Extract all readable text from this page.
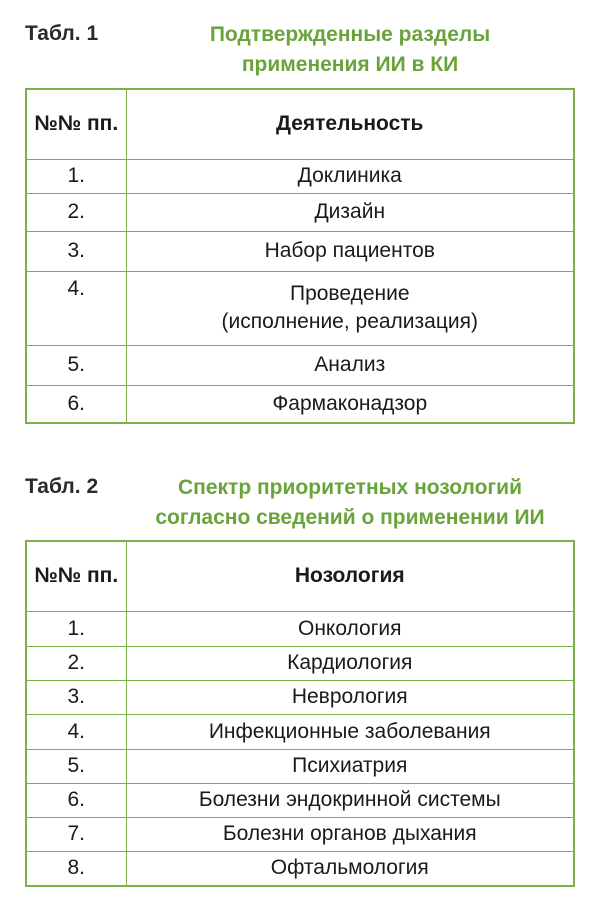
Табл. 1	Подтвержденные разделы
применения ИИ в КИ
№№ пп.	Деятельность
1.	Доклиника
2.	Дизайн
3.	Набор пациентов
4.	Проведение
(исполнение, реализация)

5.	Анализ
6.	Фармаконадзор
Табл. 2	Спектр приоритетных нозологий
согласно сведений о применении ИИ
№№ пп.	Нозология
1.	Онкология
2.	Кардиология
3.	Неврология
4.	Инфекционные заболевания
5.	Психиатрия
6.	Болезни эндокринной системы
7.	Болезни органов дыхания
8.	Офтальмология
